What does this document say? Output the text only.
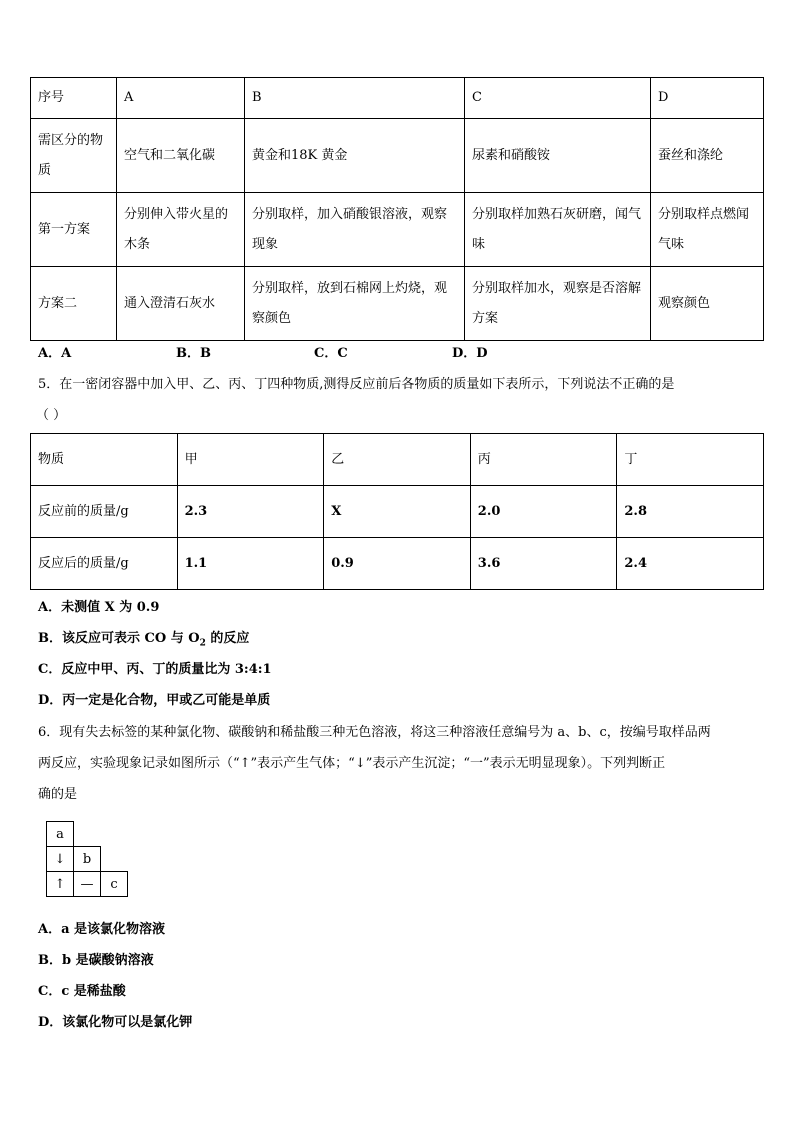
序号	A	B	C	D
需区分的物质	空气和二氧化碳	黄金和18K 黄金	尿素和硝酸铵	蚕丝和涤纶
第一方案	分别伸入带火星的木条	分别取样，加入硝酸银溶液，观察现象	分别取样加熟石灰研磨，闻气味	分别取样点燃闻气味
方案二	通入澄清石灰水	分别取样，放到石棉网上灼烧，观察颜色	分别取样加水，观察是否溶解方案	观察颜色
A．A	B．B	C．C	D．D
5．在一密闭容器中加入甲、乙、丙、丁四种物质,测得反应前后各物质的质量如下表所示，下列说法不正确的是
（ ）
物质	甲	乙	丙	丁
反应前的质量/g	2.3	X	2.0	2.8
反应后的质量/g	1.1	0.9	3.6	2.4
A．未测值 X 为 0.9
B．该反应可表示 CO 与 $O_2$ 的反应
C．反应中甲、丙、丁的质量比为 3:4:1
D．丙一定是化合物，甲或乙可能是单质
6．现有失去标签的某种氯化物、碳酸钠和稀盐酸三种无色溶液，将这三种溶液任意编号为 a、b、c，按编号取样品两
两反应，实验现象记录如图所示（“↑”表示产生气体；“↓”表示产生沉淀；“一”表示无明显现象）。下列判断正
确的是
a		
↓	b	
↑	—	c
A．a 是该氯化物溶液
B．b 是碳酸钠溶液
C．c 是稀盐酸
D．该氯化物可以是氯化钾
